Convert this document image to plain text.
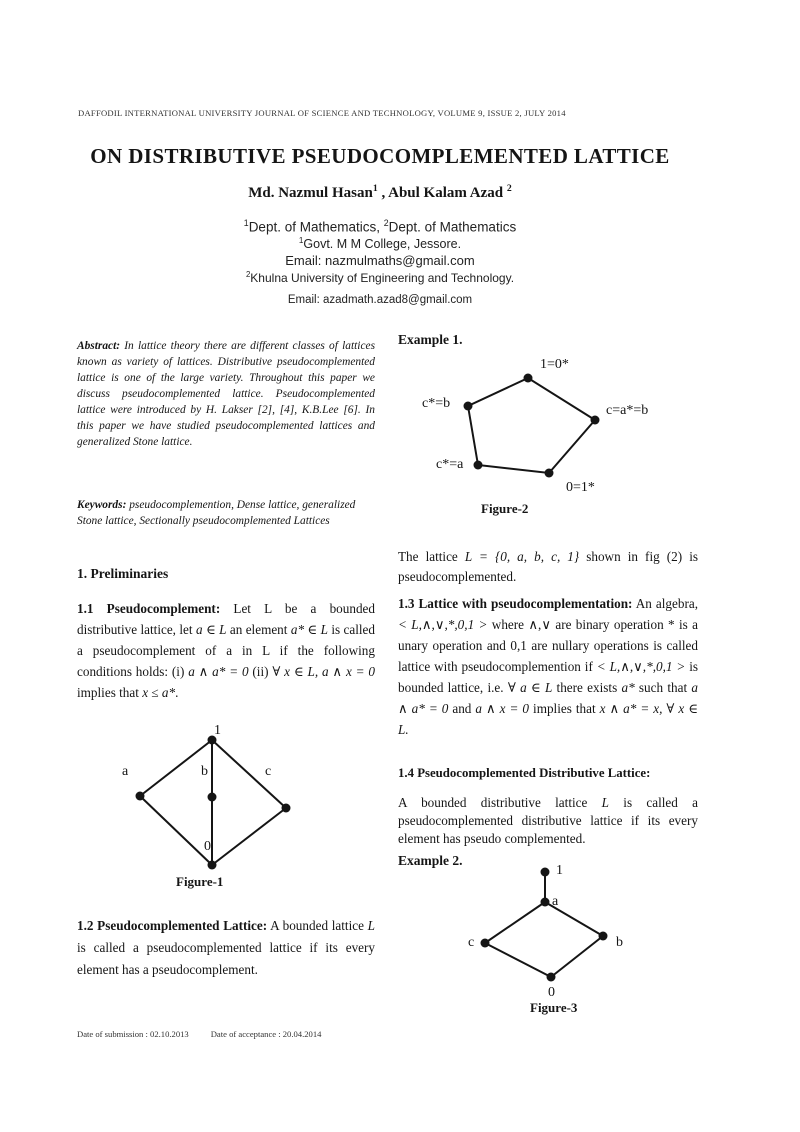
DAFFODIL INTERNATIONAL UNIVERSITY JOURNAL OF SCIENCE AND TECHNOLOGY, VOLUME 9, ISSUE 2, JULY 2014
ON DISTRIBUTIVE PSEUDOCOMPLEMENTED LATTICE
Md. Nazmul Hasan$^1$ , Abul Kalam Azad $^2$
$^1$Dept. of Mathematics, $^2$Dept. of Mathematics
$^1$Govt. M M College, Jessore.
Email: nazmulmaths@gmail.com
$^2$Khulna University of Engineering and Technology.
Email: azadmath.azad8@gmail.com
Abstract: In lattice theory there are different classes of lattices known as variety of lattices. Distributive pseudocomplemented lattice is one of the large variety. Throughout this paper we discuss pseudocomplemented lattice. Pseudocomplemented lattice were introduced by H. Lakser [2], [4], K.B.Lee [6]. In this paper we have studied pseudocomplemented lattices and generalized Stone lattice.
Keywords: pseudocomplemention, Dense lattice, generalized Stone lattice, Sectionally pseudocomplemented Lattices
1. Preliminaries
1.1 Pseudocomplement: Let L be a bounded distributive lattice, let a ∈ L an element a* ∈ L is called a pseudocomplement of a in L if the following conditions holds: (i) a ∧ a* = 0 (ii) ∀ x ∈ L, a ∧ x = 0 implies that x ≤ a*.
1
a	b	c
0
Figure-1
1.2 Pseudocomplemented Lattice: A bounded lattice L is called a pseudocomplemented lattice if its every element has a pseudocomplement.
Example 1.
1=0*
c*=b	c=a*=b
c*=a
0=1*
Figure-2
The lattice L = {0, a, b, c, 1} shown in fig (2) is pseudocomplemented.
1.3 Lattice with pseudocomplementation: An algebra, < L,∧,∨,*,0,1 > where ∧,∨ are binary operation * is a unary operation and 0,1 are nullary operations is called lattice with pseudocomplemention if < L,∧,∨,*,0,1 > is bounded lattice, i.e. ∀ a ∈ L there exists a* such that a ∧ a* = 0 and a ∧ x = 0 implies that x ∧ a* = x, ∀ x ∈ L.
1.4 Pseudocomplemented Distributive Lattice:
A bounded distributive lattice L is called a pseudocomplemented distributive lattice if its every element has pseudo complemented.
Example 2.
1
a
c	b
0
Figure-3
Date of submission : 02.10.2013	Date of acceptance : 20.04.2014
